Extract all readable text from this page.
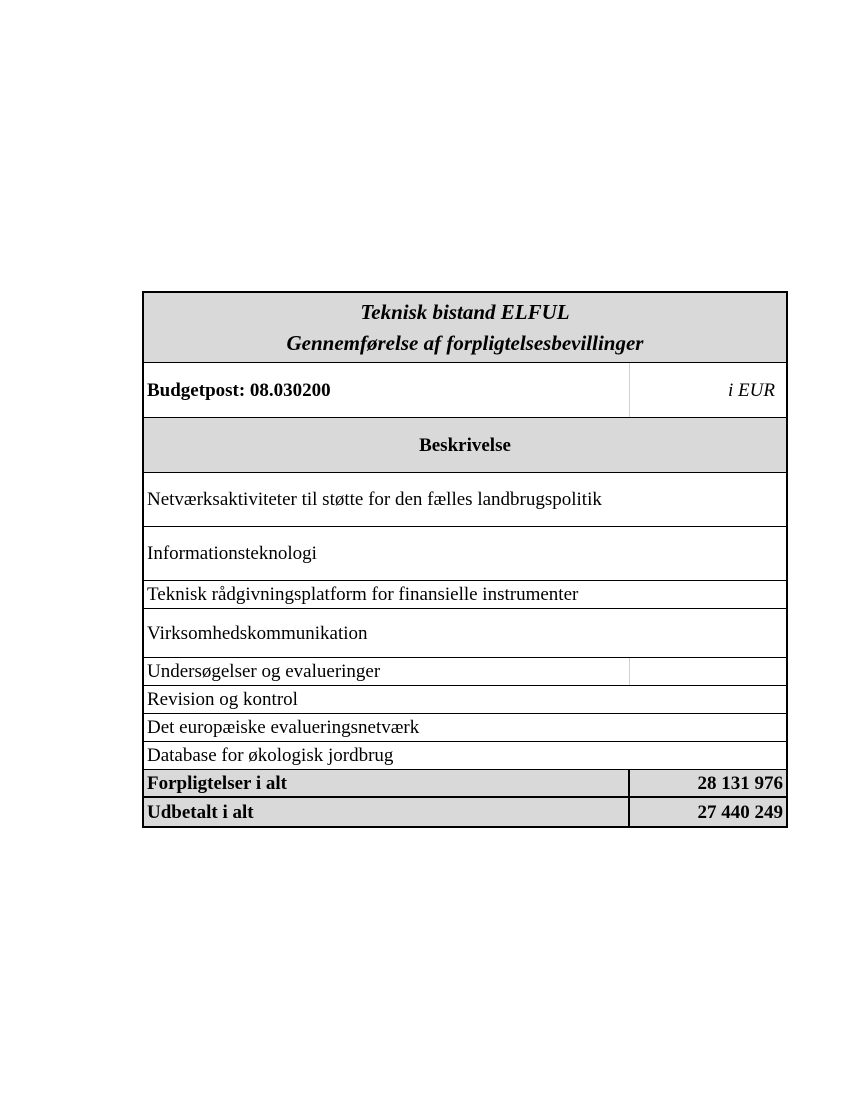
Teknisk bistand ELFUL
Gennemførelse af forpligtelsesbevillinger
Budgetpost: 08.030200	i EUR
Beskrivelse
Netværksaktiviteter til støtte for den fælles landbrugspolitik
Informationsteknologi
Teknisk rådgivningsplatform for finansielle instrumenter
Virksomhedskommunikation
Undersøgelser og evalueringer
Revision og kontrol
Det europæiske evalueringsnetværk
Database for økologisk jordbrug
Forpligtelser i alt	28 131 976
Udbetalt i alt	27 440 249
